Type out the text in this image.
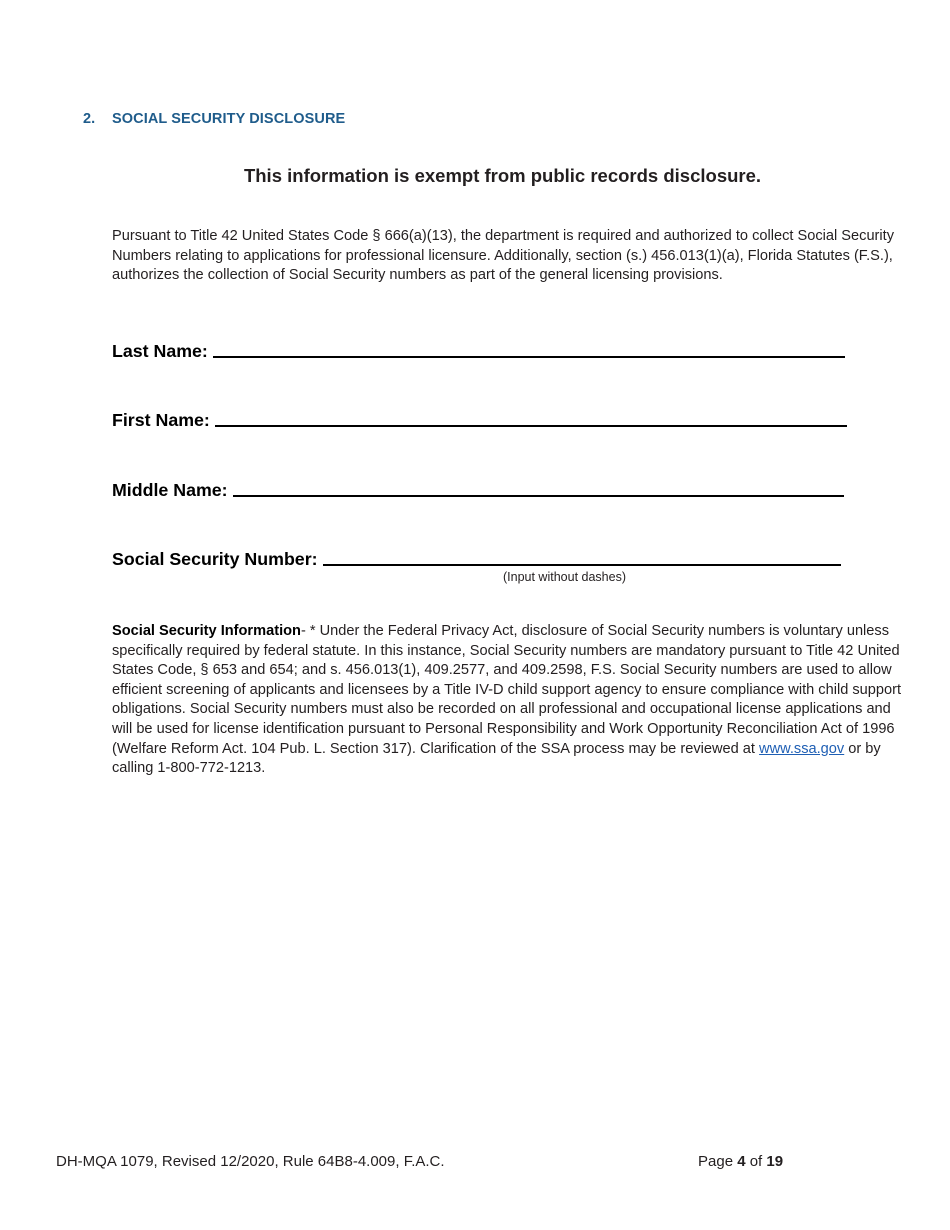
2. SOCIAL SECURITY DISCLOSURE
This information is exempt from public records disclosure.
Pursuant to Title 42 United States Code § 666(a)(13), the department is required and authorized to collect Social Security Numbers relating to applications for professional licensure. Additionally, section (s.) 456.013(1)(a), Florida Statutes (F.S.), authorizes the collection of Social Security numbers as part of the general licensing provisions.
Last Name:
First Name:
Middle Name:
Social Security Number:
(Input without dashes)
Social Security Information- * Under the Federal Privacy Act, disclosure of Social Security numbers is voluntary unless specifically required by federal statute. In this instance, Social Security numbers are mandatory pursuant to Title 42 United States Code, § 653 and 654; and s. 456.013(1), 409.2577, and 409.2598, F.S. Social Security numbers are used to allow efficient screening of applicants and licensees by a Title IV-D child support agency to ensure compliance with child support obligations. Social Security numbers must also be recorded on all professional and occupational license applications and will be used for license identification pursuant to Personal Responsibility and Work Opportunity Reconciliation Act of 1996 (Welfare Reform Act. 104 Pub. L. Section 317). Clarification of the SSA process may be reviewed at www.ssa.gov or by calling 1-800-772-1213.
DH-MQA 1079, Revised 12/2020, Rule 64B8-4.009, F.A.C.	Page 4 of 19
